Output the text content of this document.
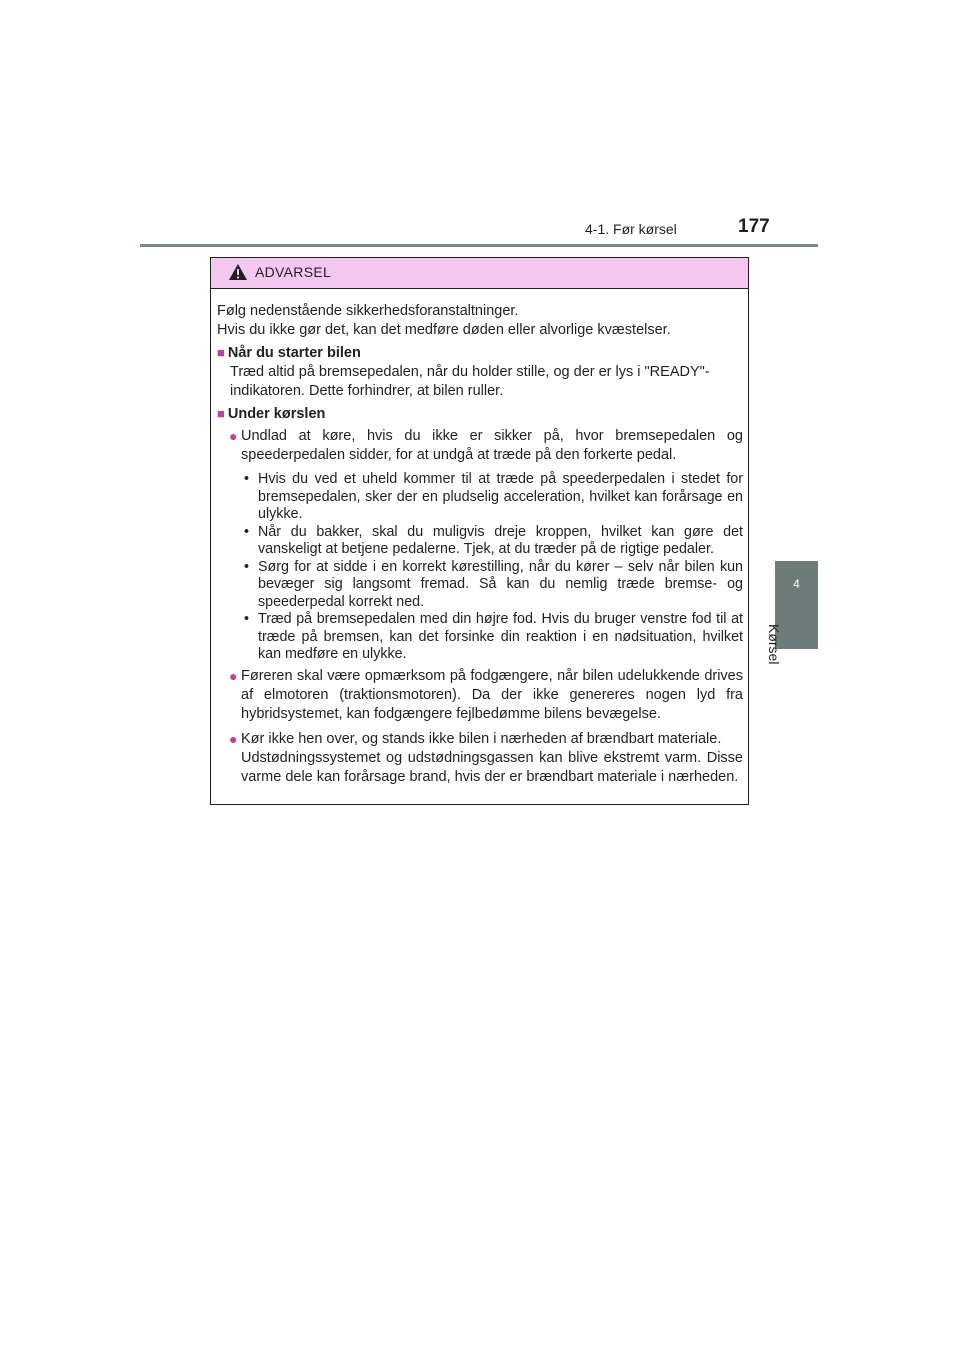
4-1. Før kørsel	177
4
Kørsel
ADVARSEL

Følg nedenstående sikkerhedsforanstaltninger.

Hvis du ikke gør det, kan det medføre døden eller alvorlige kvæstelser.

■ Når du starter bilen

Træd altid på bremsepedalen, når du holder stille, og der er lys i "READY"-indikatoren. Dette forhindrer, at bilen ruller.

■ Under kørslen

● Undlad at køre, hvis du ikke er sikker på, hvor bremsepedalen og speederpedalen sidder, for at undgå at træde på den forkerte pedal.

• Hvis du ved et uheld kommer til at træde på speederpedalen i stedet for bremsepedalen, sker der en pludselig acceleration, hvilket kan forårsage en ulykke.
• Når du bakker, skal du muligvis dreje kroppen, hvilket kan gøre det vanskeligt at betjene pedalerne. Tjek, at du træder på de rigtige pedaler.
• Sørg for at sidde i en korrekt kørestilling, når du kører – selv når bilen kun bevæger sig langsomt fremad. Så kan du nemlig træde bremse- og speederpedal korrekt ned.
• Træd på bremsepedalen med din højre fod. Hvis du bruger venstre fod til at træde på bremsen, kan det forsinke din reaktion i en nødsituation, hvilket kan medføre en ulykke.

● Føreren skal være opmærksom på fodgængere, når bilen udelukkende drives af elmotoren (traktionsmotoren). Da der ikke genereres nogen lyd fra hybridsystemet, kan fodgængere fejlbedømme bilens bevægelse.

● Kør ikke hen over, og stands ikke bilen i nærheden af brændbart materiale.
Udstødningssystemet og udstødningsgassen kan blive ekstremt varm. Disse varme dele kan forårsage brand, hvis der er brændbart materiale i nærheden.
